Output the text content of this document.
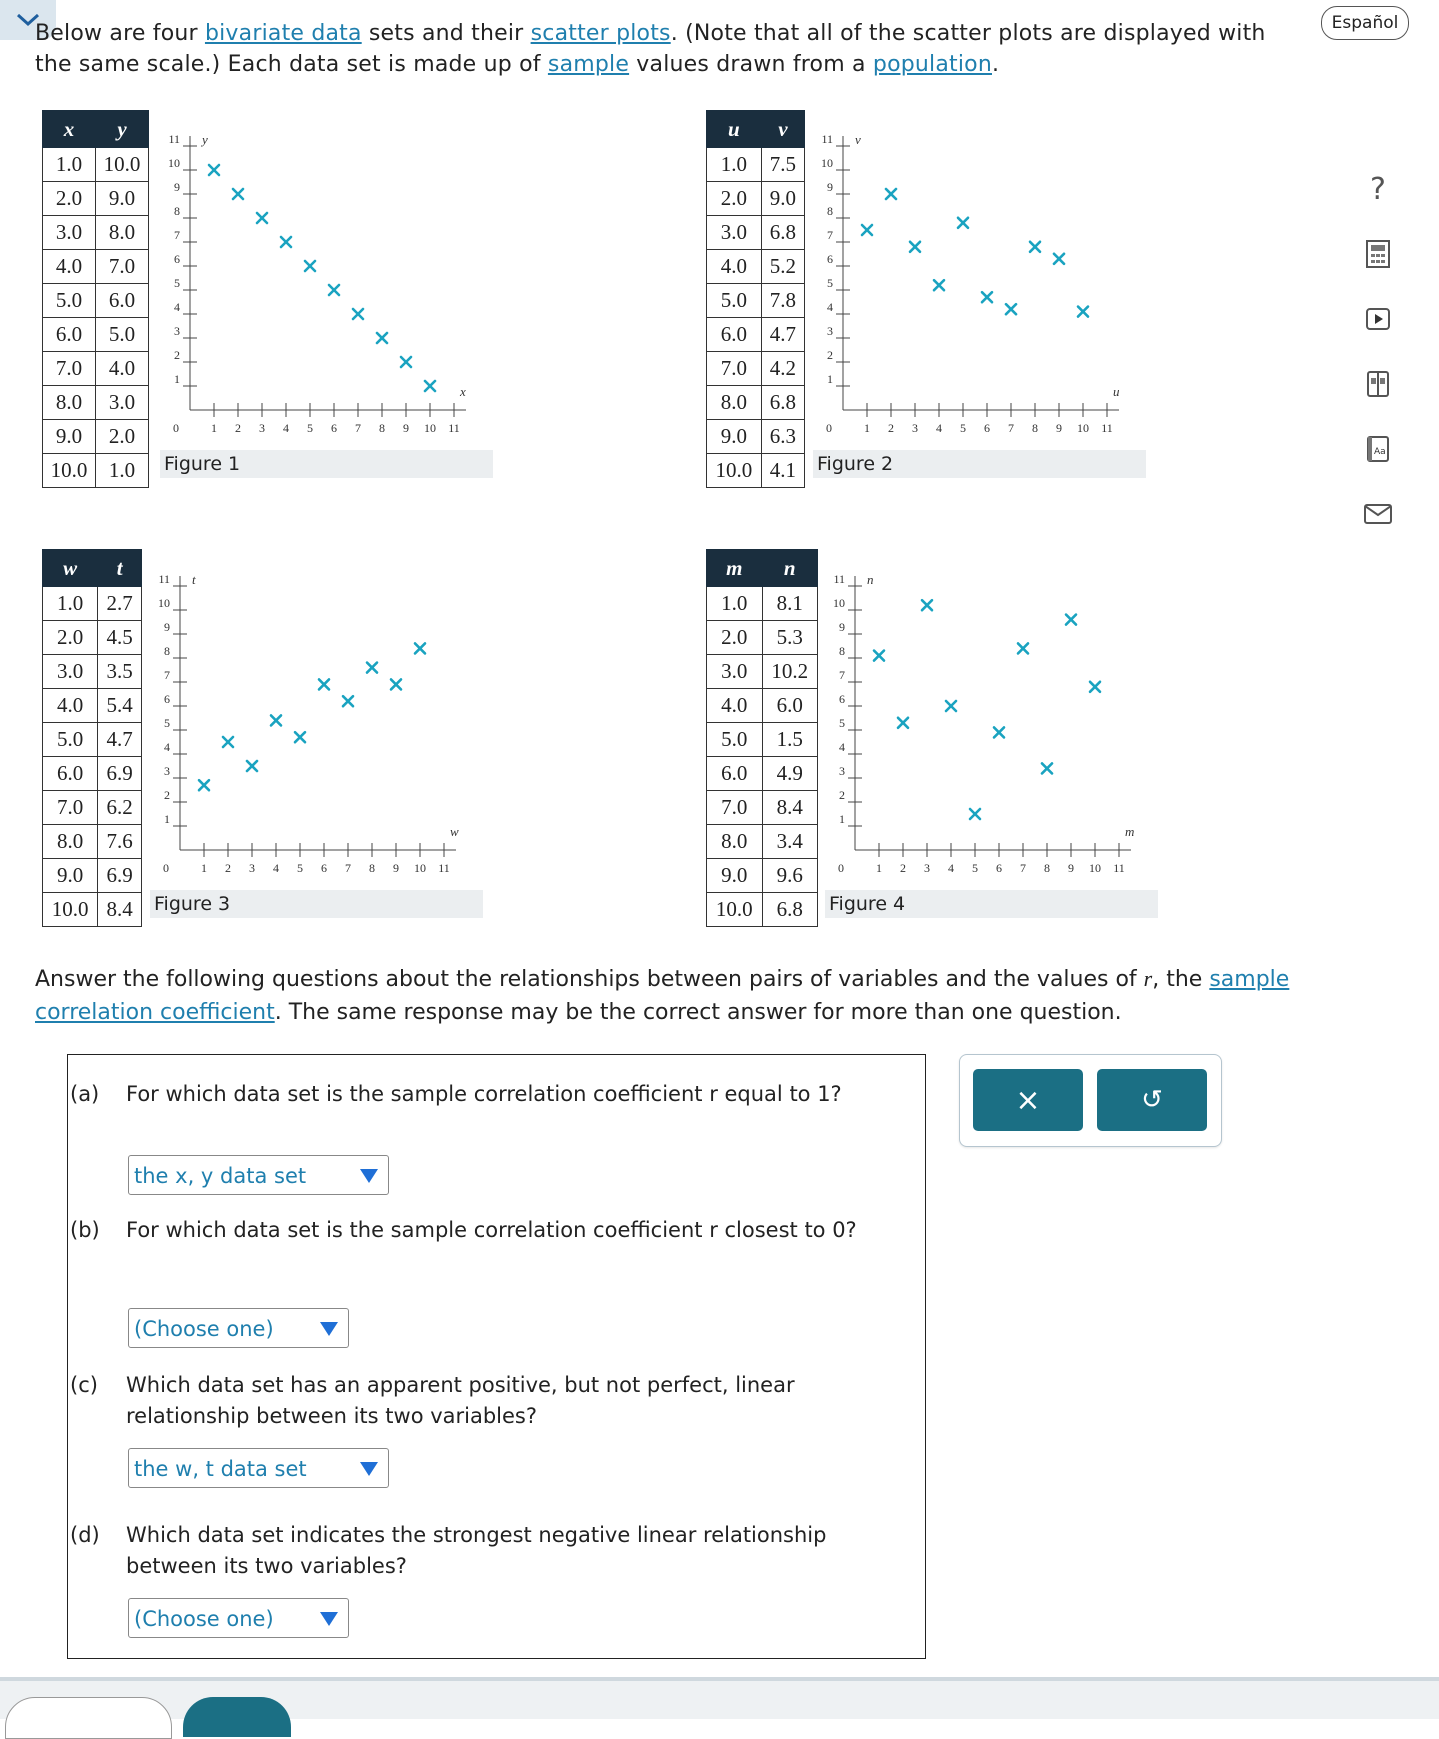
Below are four bivariate data sets and their scatter plots. (Note that all of the scatter plots are displayed with the same scale.) Each data set is made up of sample values drawn from a population.
Español
?
Aa
x	y
1.0	10.0
2.0	9.0
3.0	8.0
4.0	7.0
5.0	6.0
6.0	5.0
7.0	4.0
8.0	3.0
9.0	2.0
10.0	1.0
u	v
1.0	7.5
2.0	9.0
3.0	6.8
4.0	5.2
5.0	7.8
6.0	4.7
7.0	4.2
8.0	6.8
9.0	6.3
10.0	4.1
w	t
1.0	2.7
2.0	4.5
3.0	3.5
4.0	5.4
5.0	4.7
6.0	6.9
7.0	6.2
8.0	7.6
9.0	6.9
10.0	8.4
m	n
1.0	8.1
2.0	5.3
3.0	10.2
4.0	6.0
5.0	1.5
6.0	4.9
7.0	8.4
8.0	3.4
9.0	9.6
10.0	6.8
0	1 2 3 4 5 6 7 8 9 10 11
1
2
3
4
5
6
7
8
9
10
11
x
y
0	1 2 3 4 5 6 7 8 9 10 11
1
2
3
4
5
6
7
8
9
10
11
u
v
0	1 2 3 4 5 6 7 8 9 10 11
1
2
3
4
5
6
7
8
9
10
11
w
t
0	1 2 3 4 5 6 7 8 9 10 11
1
2
3
4
5
6
7
8
9
10
11
m
n
Figure 1	Figure 2
Figure 3	Figure 4
Answer the following questions about the relationships between pairs of variables and the values of r, the sample correlation coefficient. The same response may be the correct answer for more than one question.
(a) For which data set is the sample correlation coefficient r equal to 1?
the x, y data set
(b) For which data set is the sample correlation coefficient r closest to 0?
(Choose one)
(c) Which data set has an apparent positive, but not perfect, linear relationship between its two variables?
the w, t data set
(d) Which data set indicates the strongest negative linear relationship between its two variables?
(Choose one)
×	↺
